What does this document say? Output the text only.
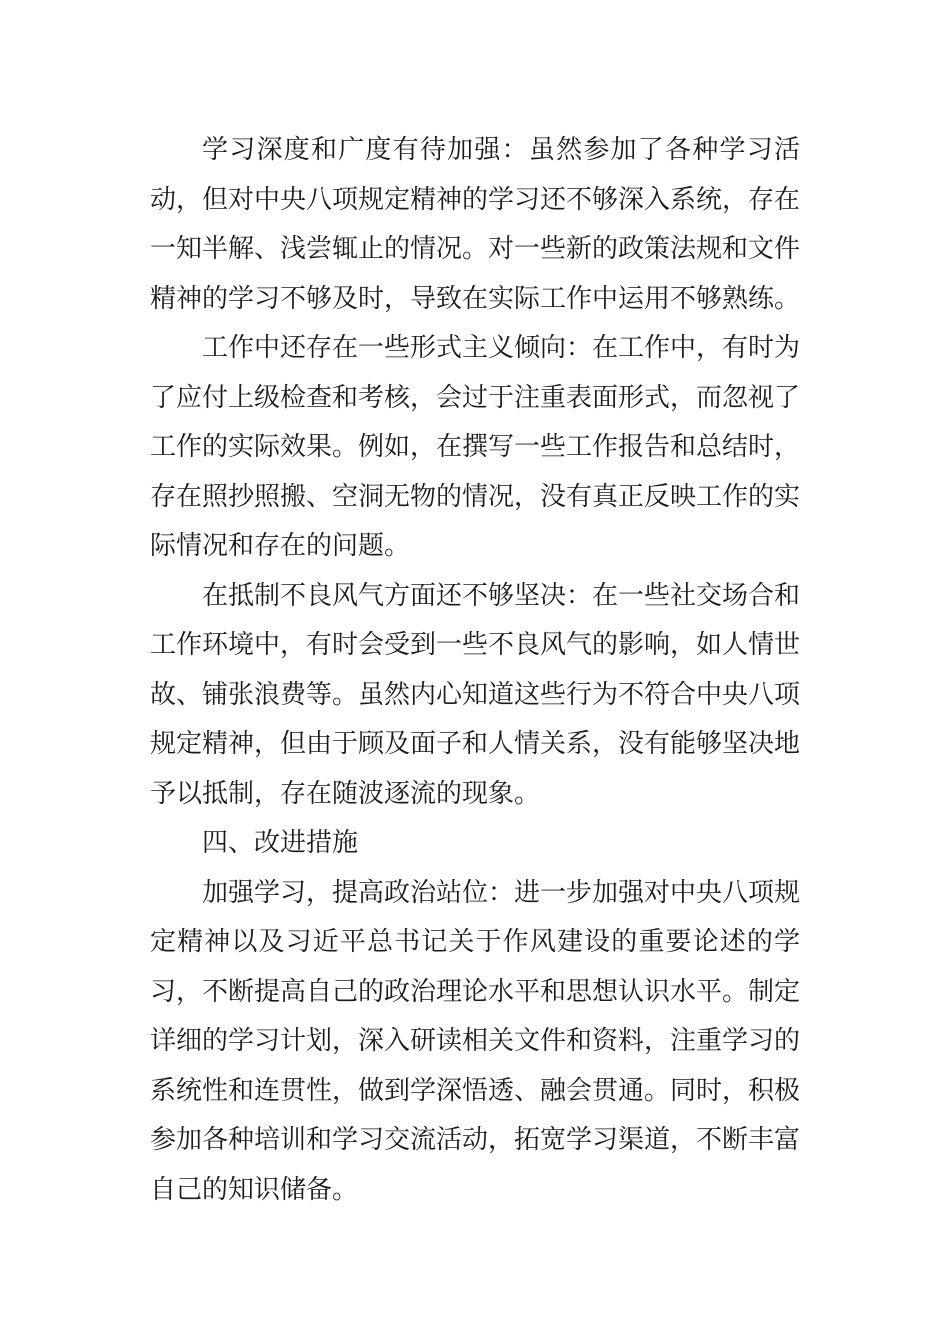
学习深度和广度有待加强：虽然参加了各种学习活动，但对中央八项规定精神的学习还不够深入系统，存在一知半解、浅尝辄止的情况。对一些新的政策法规和文件精神的学习不够及时，导致在实际工作中运用不够熟练。

工作中还存在一些形式主义倾向：在工作中，有时为了应付上级检查和考核，会过于注重表面形式，而忽视了工作的实际效果。例如，在撰写一些工作报告和总结时，存在照抄照搬、空洞无物的情况，没有真正反映工作的实际情况和存在的问题。

在抵制不良风气方面还不够坚决：在一些社交场合和工作环境中，有时会受到一些不良风气的影响，如人情世故、铺张浪费等。虽然内心知道这些行为不符合中央八项规定精神，但由于顾及面子和人情关系，没有能够坚决地予以抵制，存在随波逐流的现象。

四、改进措施

加强学习，提高政治站位：进一步加强对中央八项规定精神以及习近平总书记关于作风建设的重要论述的学习，不断提高自己的政治理论水平和思想认识水平。制定详细的学习计划，深入研读相关文件和资料，注重学习的系统性和连贯性，做到学深悟透、融会贯通。同时，积极参加各种培训和学习交流活动，拓宽学习渠道，不断丰富自己的知识储备。
